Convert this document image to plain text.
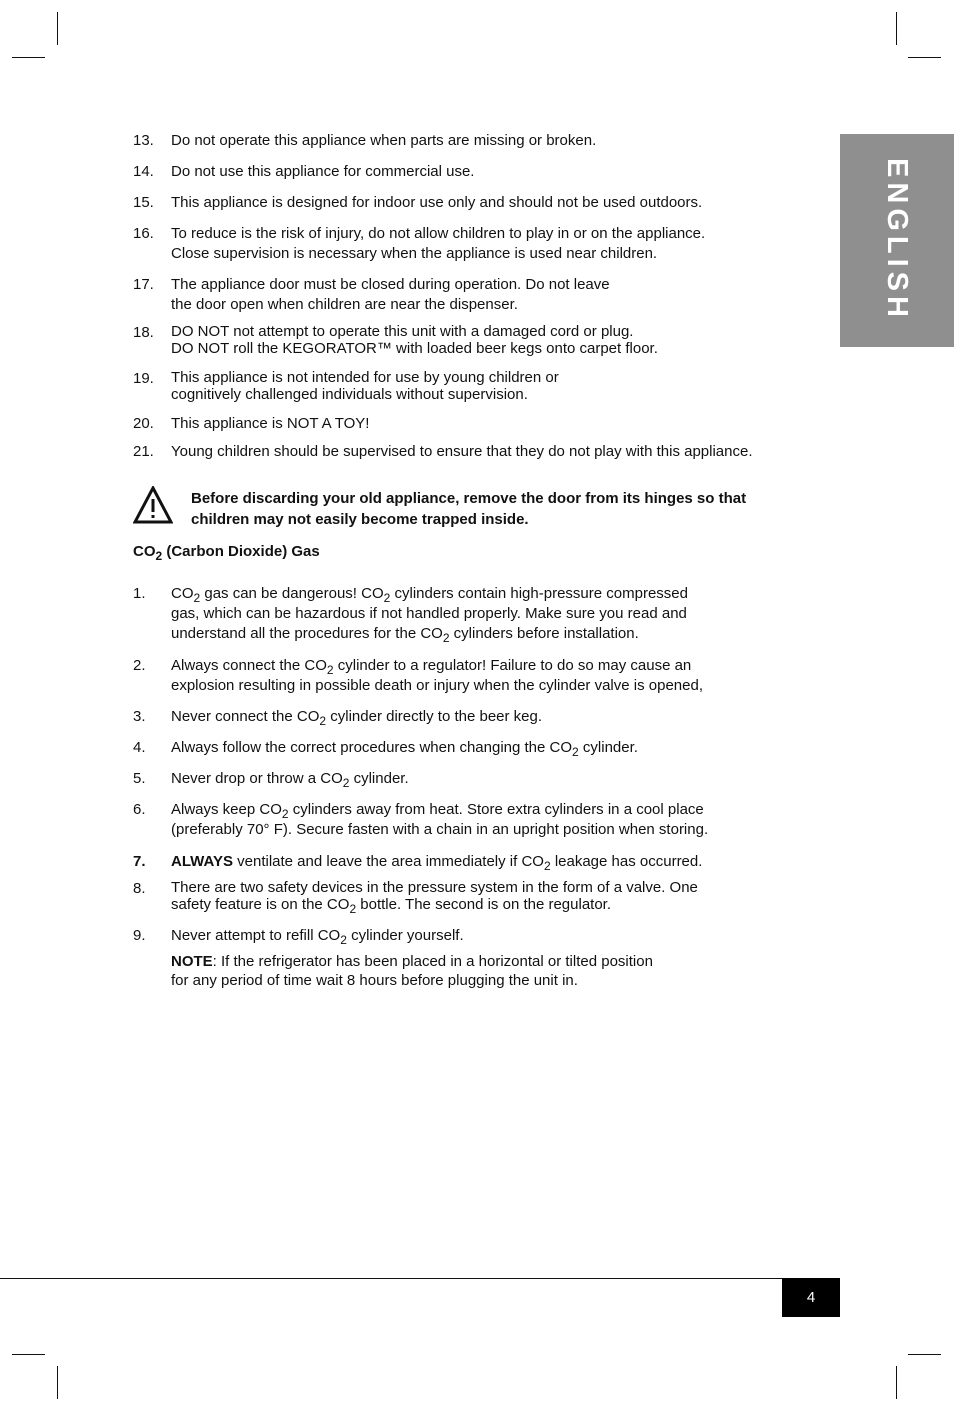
ENGLISH
13.	Do not operate this appliance when parts are missing or broken.
14.	Do not use this appliance for commercial use.
15.	This appliance is designed for indoor use only and should not be used outdoors.
16.	To reduce is the risk of injury, do not allow children to play in or on the appliance.
Close supervision is necessary when the appliance is used near children.
17.	The appliance door must be closed during operation. Do not leave
the door open when children are near the dispenser.
18.	DO NOT not attempt to operate this unit with a damaged cord or plug.
DO NOT roll the KEGORATOR™ with loaded beer kegs onto carpet floor.
19.	This appliance is not intended for use by young children or
cognitively challenged individuals without supervision.
20.	This appliance is NOT A TOY!
21.	Young children should be supervised to ensure that they do not play with this appliance.
Before discarding your old appliance, remove the door from its hinges so that
children may not easily become trapped inside.
$CO_2$ (Carbon Dioxide) Gas
1.	$CO_2$ gas can be dangerous! $CO_2$ cylinders contain high-pressure compressed
gas, which can be hazardous if not handled properly. Make sure you read and
understand all the procedures for the $CO_2$ cylinders before installation.
2.	Always connect the $CO_2$ cylinder to a regulator! Failure to do so may cause an
explosion resulting in possible death or injury when the cylinder valve is opened,
3.	Never connect the $CO_2$ cylinder directly to the beer keg.
4.	Always follow the correct procedures when changing the $CO_2$ cylinder.
5.	Never drop or throw a $CO_2$ cylinder.
6.	Always keep $CO_2$ cylinders away from heat. Store extra cylinders in a cool place
(preferably 70° F). Secure fasten with a chain in an upright position when storing.
7.	ALWAYS ventilate and leave the area immediately if $CO_2$ leakage has occurred.
8.	There are two safety devices in the pressure system in the form of a valve. One
safety feature is on the $CO_2$ bottle. The second is on the regulator.
9.	Never attempt to refill $CO_2$ cylinder yourself.
NOTE: If the refrigerator has been placed in a horizontal or tilted position
for any period of time wait 8 hours before plugging the unit in.
4
